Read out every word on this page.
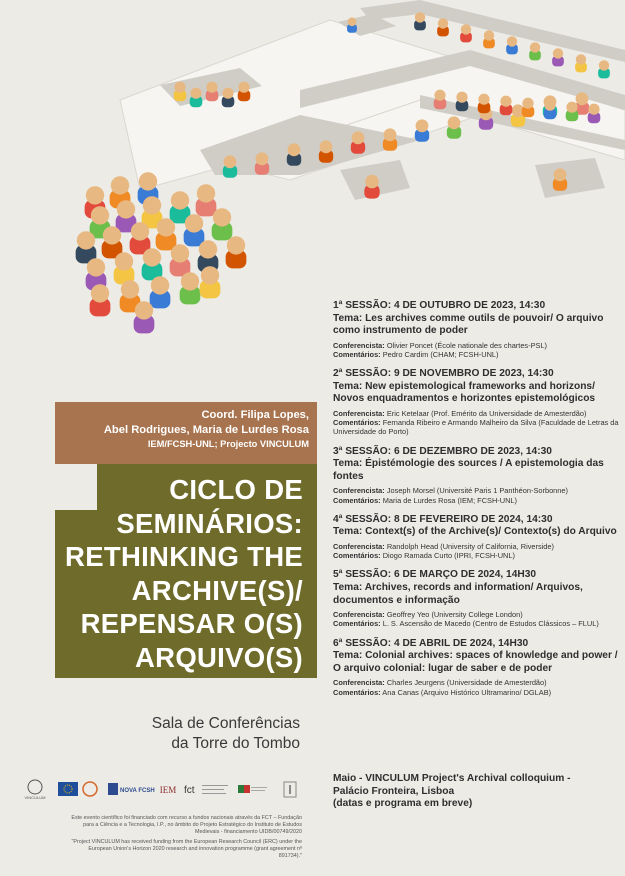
Coord. Filipa Lopes,
Abel Rodrigues, Maria de Lurdes Rosa
IEM/FCSH-UNL; Projecto VINCULUM
CICLO DE
SEMINÁRIOS:
RETHINKING THE
ARCHIVE(S)/
REPENSAR O(S)
ARQUIVO(S)
Sala de Conferências
da Torre do Tombo
1ª SESSÃO: 4 DE OUTUBRO DE 2023, 14:30
Tema: Les archives comme outils de pouvoir/ O arquivo como instrumento de poder
Conferencista: Olivier Poncet (École nationale des chartes-PSL)
Comentários: Pedro Cardim (CHAM; FCSH-UNL)
2ª SESSÃO: 9 DE NOVEMBRO DE 2023, 14:30
Tema: New epistemological frameworks and horizons/ Novos enquadramentos e horizontes epistemológicos
Conferencista: Eric Ketelaar (Prof. Emérito da Universidade de Amesterdão)
Comentários: Fernanda Ribeiro e Armando Malheiro da Silva (Faculdade de Letras da Universidade do Porto)
3ª SESSÃO: 6 DE DEZEMBRO DE 2023, 14:30
Tema: Épistémologie des sources / A epistemologia das fontes
Conferencista: Joseph Morsel (Université Paris 1 Panthéon-Sorbonne)
Comentários: Maria de Lurdes Rosa (IEM; FCSH-UNL)
4ª SESSÃO: 8 DE FEVEREIRO DE 2024, 14:30
Tema: Context(s) of the Archive(s)/ Contexto(s) do Arquivo
Conferencista: Randolph Head (University of California, Riverside)
Comentários: Diogo Ramada Curto (IPRI, FCSH-UNL)
5ª SESSÃO: 6 DE MARÇO DE 2024, 14H30
Tema: Archives, records and information/ Arquivos, documentos e informação
Conferencista: Geoffrey Yeo (University College London)
Comentários: L. S. Ascensão de Macedo (Centro de Estudos Clássicos – FLUL)
6ª SESSÃO: 4 DE ABRIL DE 2024, 14H30
Tema: Colonial archives: spaces of knowledge and power / O arquivo colonial: lugar de saber e de poder
Conferencista: Charles Jeurgens (Universidade de Amesterdão)
Comentários: Ana Canas (Arquivo Histórico Ultramarino/ DGLAB)
Maio - VINCULUM Project's Archival colloquium -
Palácio Fronteira, Lisboa
(datas e programa em breve)
VINCULUM
NOVA FCSH IEM fct

Este evento científico foi financiado com recurso a fundos nacionais através da FCT – Fundação para a Ciência e a Tecnologia, I.P., no âmbito do Projeto Estratégico do Instituto de Estudos Medievais - financiamento UIDB/00749/2020

"Project VINCULUM has received funding from the European Research Council (ERC) under the European Union's Horizon 2020 research and innovation programme (grant agreement nº 891734)."
